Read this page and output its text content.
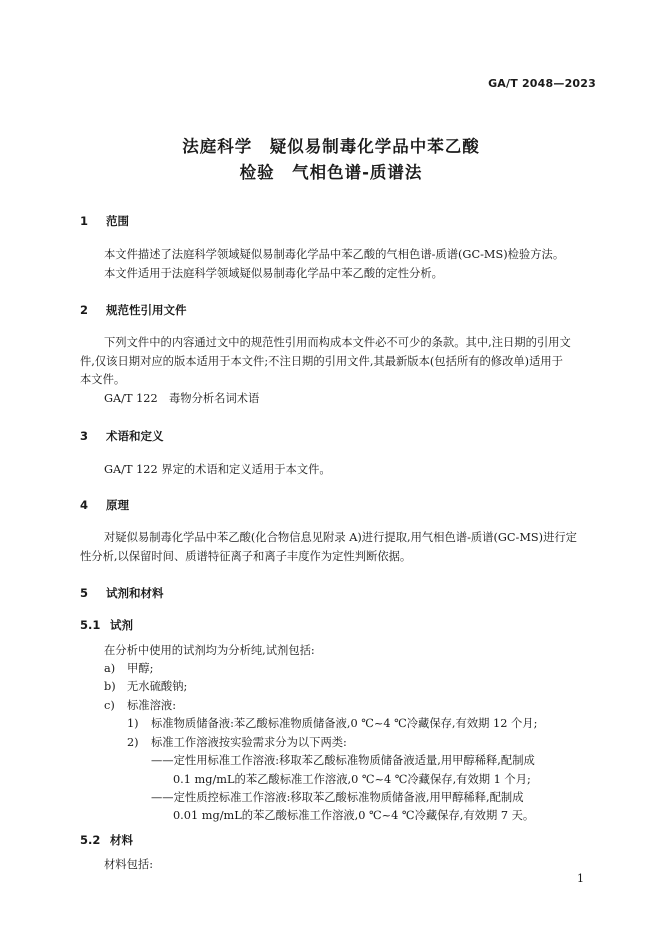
GA/T 2048—2023
法庭科学　疑似易制毒化学品中苯乙酸
检验　气相色谱-质谱法
1 范围
本文件描述了法庭科学领域疑似易制毒化学品中苯乙酸的气相色谱-质谱(GC-MS)检验方法。
本文件适用于法庭科学领域疑似易制毒化学品中苯乙酸的定性分析。
2 规范性引用文件
下列文件中的内容通过文中的规范性引用而构成本文件必不可少的条款。其中,注日期的引用文
件,仅该日期对应的版本适用于本文件;不注日期的引用文件,其最新版本(包括所有的修改单)适用于
本文件。
GA/T 122　毒物分析名词术语
3 术语和定义
GA/T 122 界定的术语和定义适用于本文件。
4 原理
对疑似易制毒化学品中苯乙酸(化合物信息见附录 A)进行提取,用气相色谱-质谱(GC-MS)进行定
性分析,以保留时间、质谱特征离子和离子丰度作为定性判断依据。
5 试剂和材料
5.1 试剂
在分析中使用的试剂均为分析纯,试剂包括:
a) 甲醇;
b) 无水硫酸钠;
c) 标准溶液:
1) 标准物质储备液:苯乙酸标准物质储备液,0 ℃~4 ℃冷藏保存,有效期 12 个月;
2) 标准工作溶液按实验需求分为以下两类:
——定性用标准工作溶液:移取苯乙酸标准物质储备液适量,用甲醇稀释,配制成
0.1 mg/mL的苯乙酸标准工作溶液,0 ℃~4 ℃冷藏保存,有效期 1 个月;
——定性质控标准工作溶液:移取苯乙酸标准物质储备液,用甲醇稀释,配制成
0.01 mg/mL的苯乙酸标准工作溶液,0 ℃~4 ℃冷藏保存,有效期 7 天。
5.2 材料
材料包括:
1
